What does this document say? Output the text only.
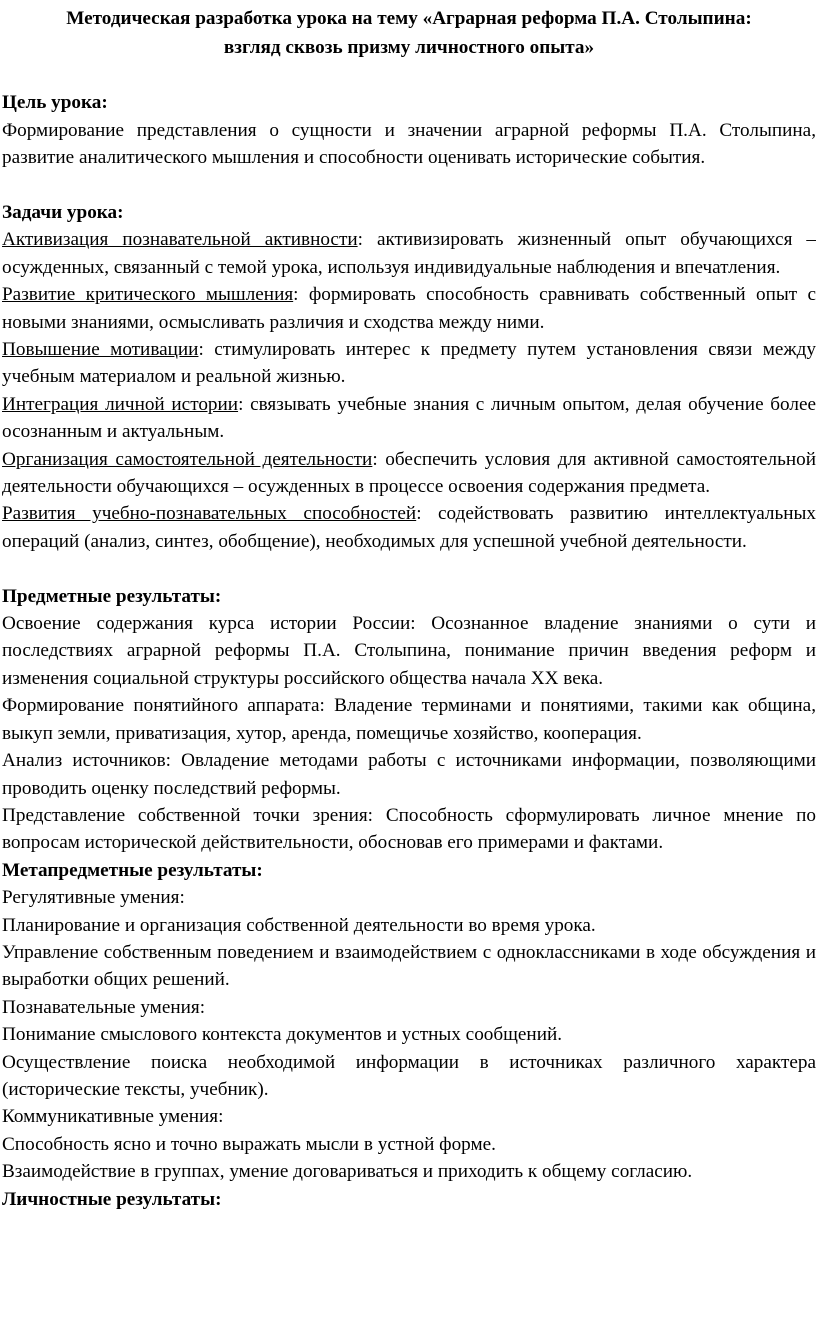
Методическая разработка урока на тему «Аграрная реформа П.А. Столыпина:
взгляд сквозь призму личностного опыта»
Цель урока:

Формирование представления о сущности и значении аграрной реформы П.А. Столыпина, развитие аналитического мышления и способности оценивать исторические события.

Задачи урока:

Активизация познавательной активности: активизировать жизненный опыт обучающихся – осужденных, связанный с темой урока, используя индивидуальные наблюдения и впечатления.

Развитие критического мышления: формировать способность сравнивать собственный опыт с новыми знаниями, осмысливать различия и сходства между ними.

Повышение мотивации: стимулировать интерес к предмету путем установления связи между учебным материалом и реальной жизнью.

Интеграция личной истории: связывать учебные знания с личным опытом, делая обучение более осознанным и актуальным.

Организация самостоятельной деятельности: обеспечить условия для активной самостоятельной деятельности обучающихся – осужденных в процессе освоения содержания предмета.

Развития учебно-познавательных способностей: содействовать развитию интеллектуальных операций (анализ, синтез, обобщение), необходимых для успешной учебной деятельности.

Предметные результаты:

Освоение содержания курса истории России: Осознанное владение знаниями о сути и последствиях аграрной реформы П.А. Столыпина, понимание причин введения реформ и изменения социальной структуры российского общества начала XX века.

Формирование понятийного аппарата: Владение терминами и понятиями, такими как община, выкуп земли, приватизация, хутор, аренда, помещичье хозяйство, кооперация.

Анализ источников: Овладение методами работы с источниками информации, позволяющими проводить оценку последствий реформы.

Представление собственной точки зрения: Способность сформулировать личное мнение по вопросам исторической действительности, обосновав его примерами и фактами.

Метапредметные результаты:

Регулятивные умения:

Планирование и организация собственной деятельности во время урока.

Управление собственным поведением и взаимодействием с одноклассниками в ходе обсуждения и выработки общих решений.

Познавательные умения:

Понимание смыслового контекста документов и устных сообщений.

Осуществление поиска необходимой информации в источниках различного характера (исторические тексты, учебник).

Коммуникативные умения:

Способность ясно и точно выражать мысли в устной форме.

Взаимодействие в группах, умение договариваться и приходить к общему согласию.

Личностные результаты:
